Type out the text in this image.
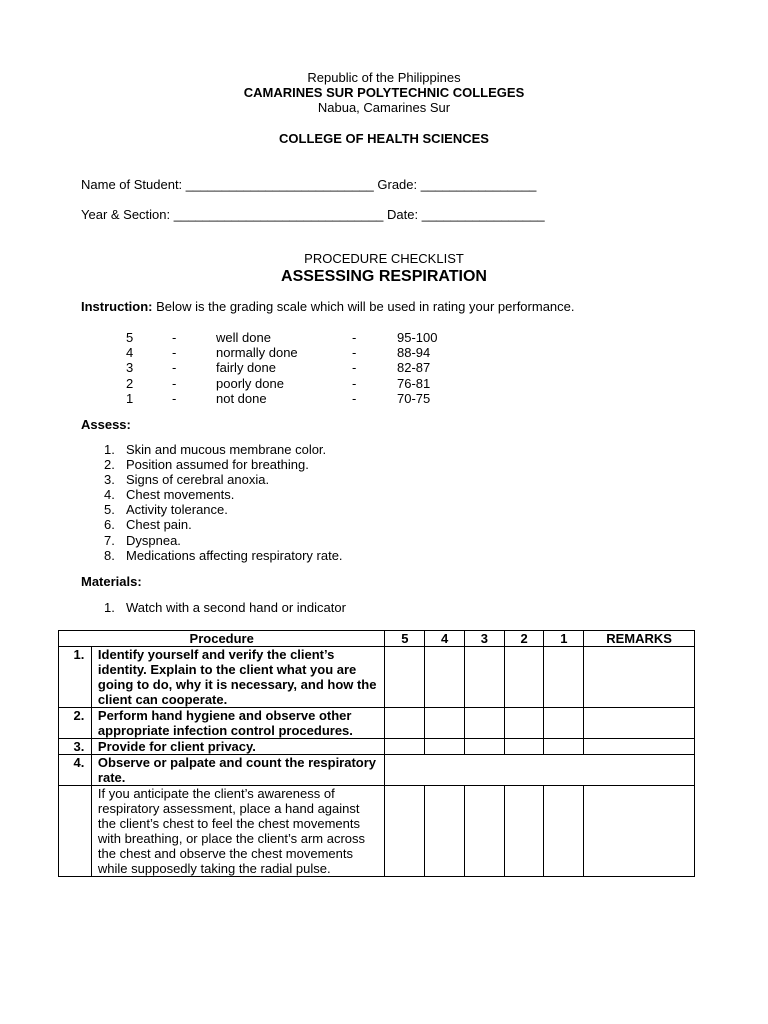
Republic of the Philippines
CAMARINES SUR POLYTECHNIC COLLEGES
Nabua, Camarines Sur
COLLEGE OF HEALTH SCIENCES
Name of Student: __________________________ Grade: ________________
Year & Section: _____________________________ Date: _________________
PROCEDURE CHECKLIST
ASSESSING RESPIRATION
Instruction: Below is the grading scale which will be used in rating your performance.
5	-	well done	-	95-100
4	-	normally done	-	88-94
3	-	fairly done	-	82-87
2	-	poorly done	-	76-81
1	-	not done	-	70-75
Assess:
1. Skin and mucous membrane color.
2. Position assumed for breathing.
3. Signs of cerebral anoxia.
4. Chest movements.
5. Activity tolerance.
6. Chest pain.
7. Dyspnea.
8. Medications affecting respiratory rate.
Materials:
1. Watch with a second hand or indicator
Procedure		5	4	3	2	1	REMARKS
1.	Identify yourself and verify the client’s identity. Explain to the client what you are going to do, why it is necessary, and how the client can cooperate.						
2.	Perform hand hygiene and observe other appropriate infection control procedures.						
3.	Provide for client privacy.						
4.	Observe or palpate and count the respiratory rate.						
	If you anticipate the client’s awareness of respiratory assessment, place a hand against the client’s chest to feel the chest movements with breathing, or place the client’s arm across the chest and observe the chest movements while supposedly taking the radial pulse.						
